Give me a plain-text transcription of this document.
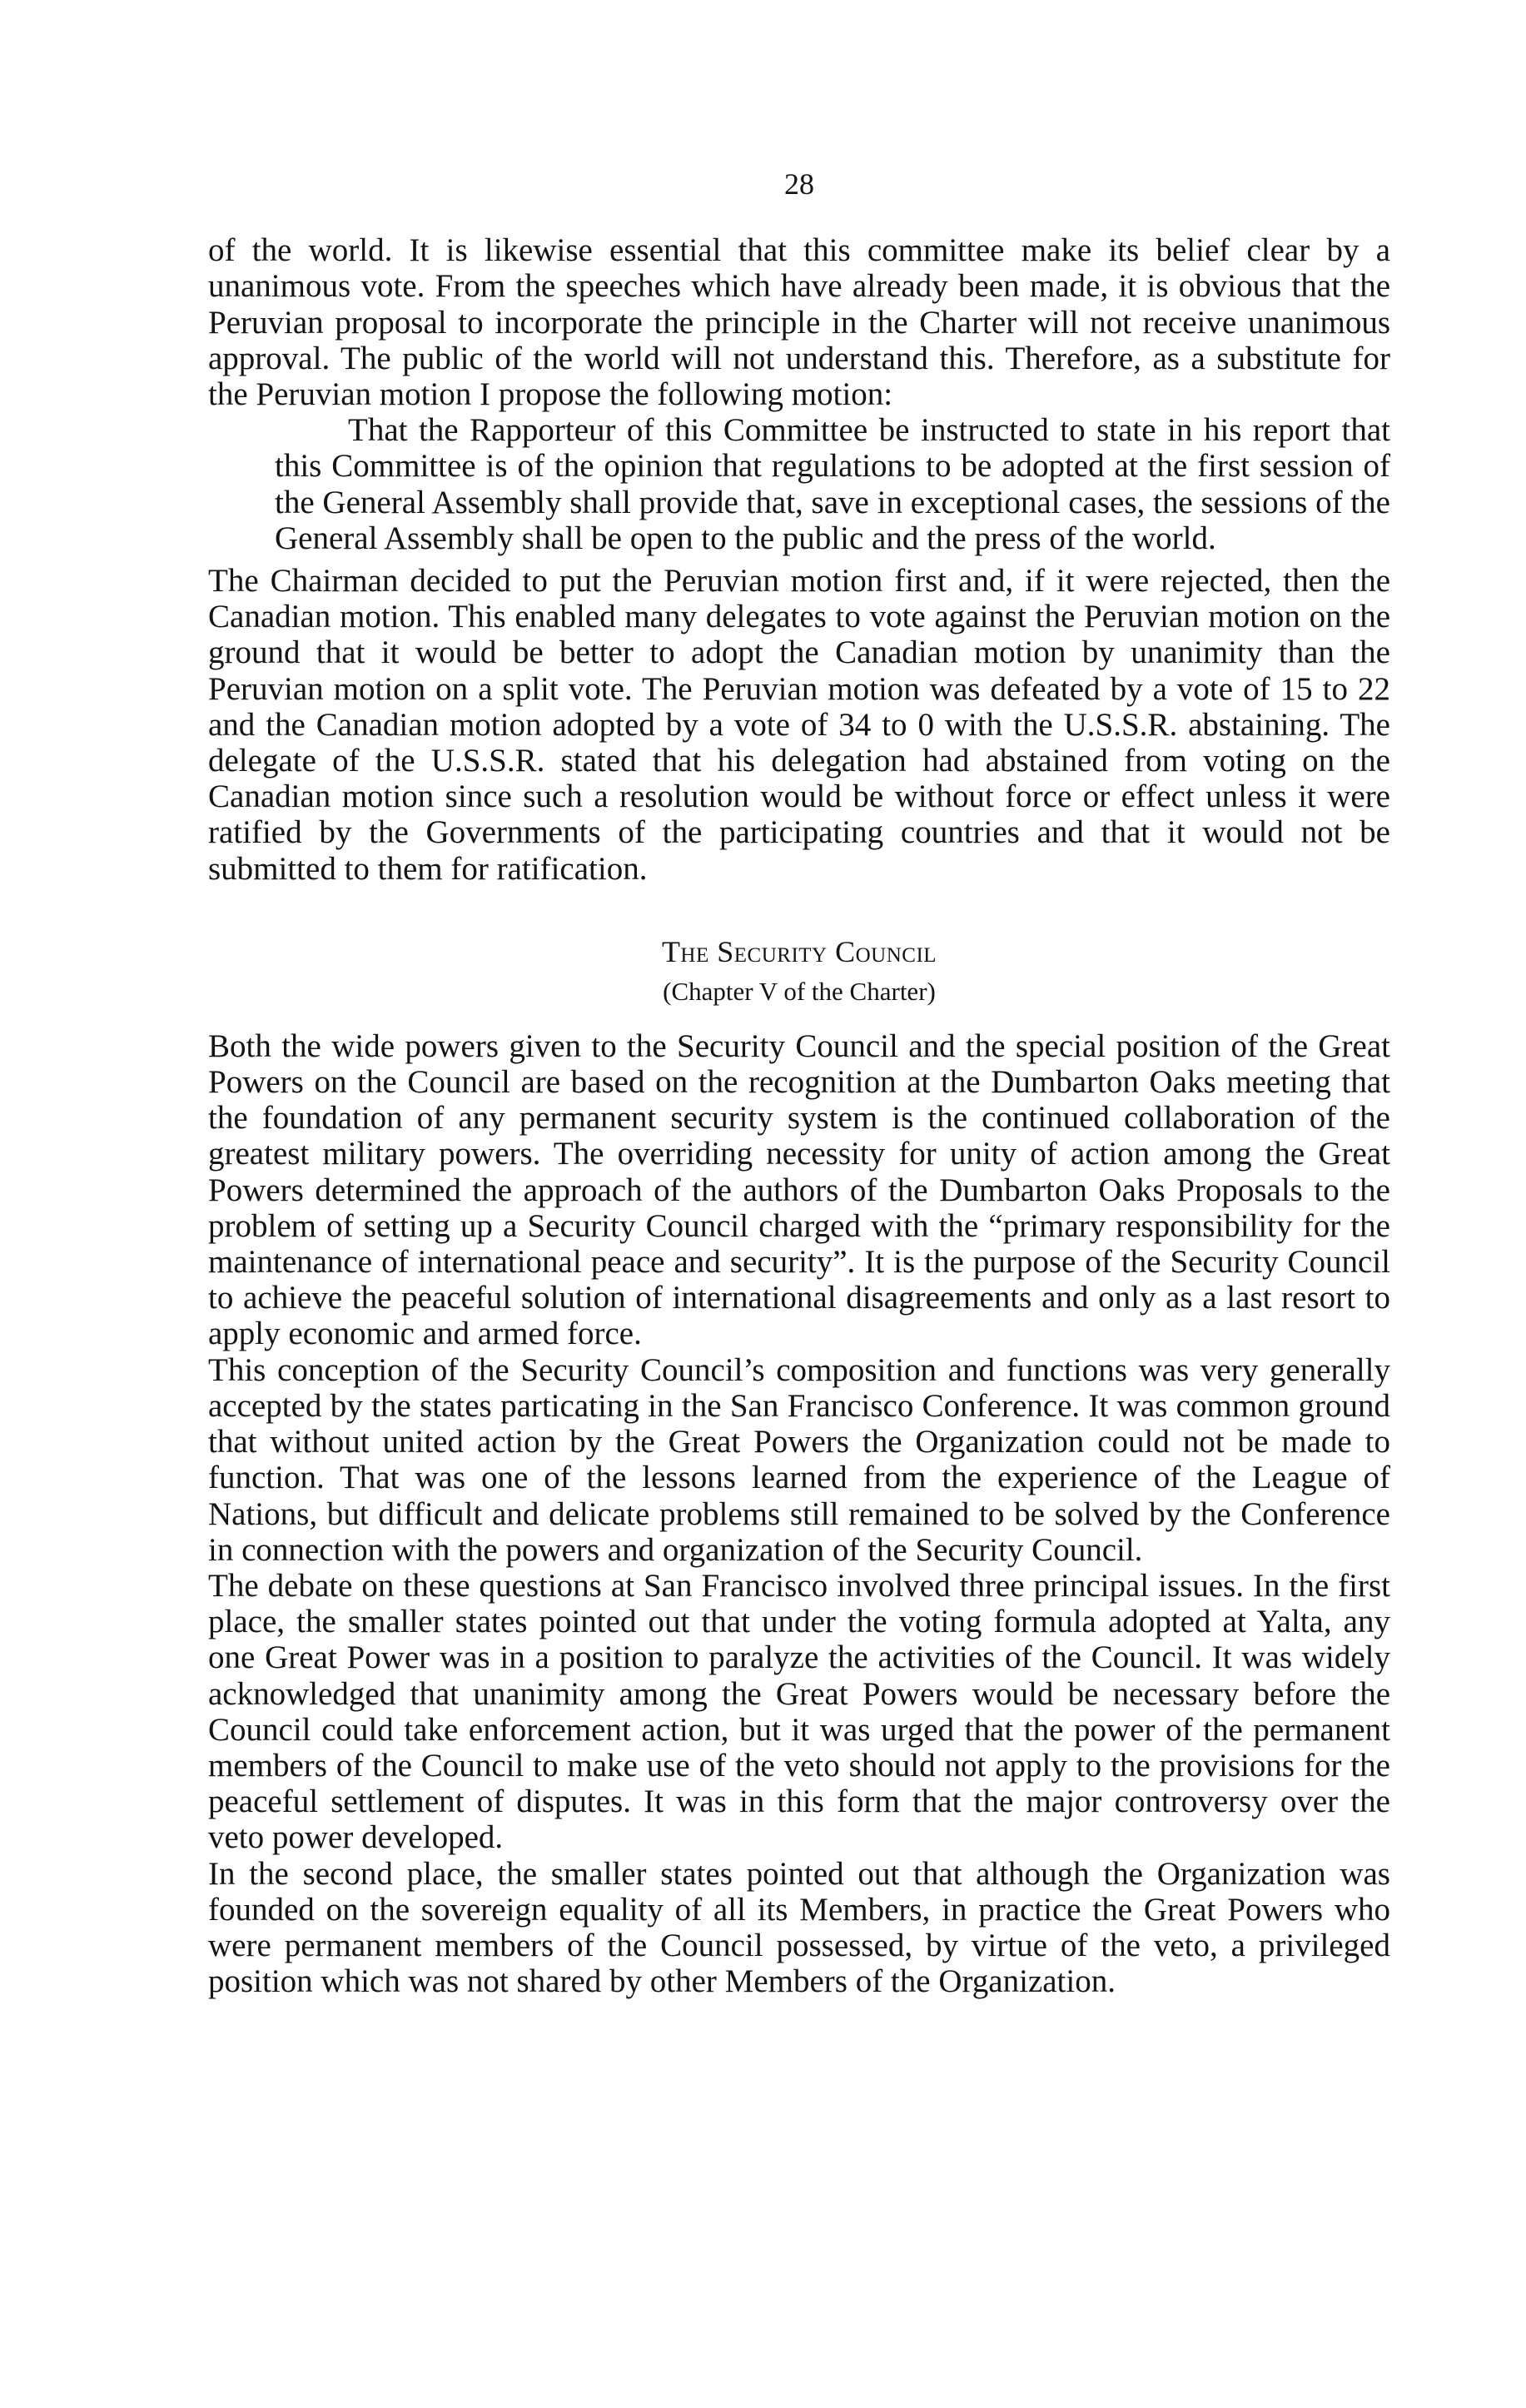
28

of the world. It is likewise essential that this committee make its belief clear by a unanimous vote. From the speeches which have already been made, it is obvious that the Peruvian proposal to incorporate the principle in the Charter will not receive unanimous approval. The public of the world will not understand this. Therefore, as a substitute for the Peruvian motion I propose the following motion:

That the Rapporteur of this Committee be instructed to state in his report that this Committee is of the opinion that regulations to be adopted at the first session of the General Assembly shall provide that, save in exceptional cases, the sessions of the General Assembly shall be open to the public and the press of the world.

The Chairman decided to put the Peruvian motion first and, if it were rejected, then the Canadian motion. This enabled many delegates to vote against the Peruvian motion on the ground that it would be better to adopt the Canadian motion by unanimity than the Peruvian motion on a split vote. The Peruvian motion was defeated by a vote of 15 to 22 and the Canadian motion adopted by a vote of 34 to 0 with the U.S.S.R. abstaining. The delegate of the U.S.S.R. stated that his delegation had abstained from voting on the Canadian motion since such a resolution would be without force or effect unless it were ratified by the Governments of the participating countries and that it would not be submitted to them for ratification.

The Security Council
(Chapter V of the Charter)

Both the wide powers given to the Security Council and the special position of the Great Powers on the Council are based on the recognition at the Dumbarton Oaks meeting that the foundation of any permanent security system is the continued collaboration of the greatest military powers. The overriding necessity for unity of action among the Great Powers determined the approach of the authors of the Dumbarton Oaks Proposals to the problem of setting up a Security Council charged with the “primary responsibility for the maintenance of international peace and security”. It is the purpose of the Security Council to achieve the peaceful solution of international disagreements and only as a last resort to apply economic and armed force.

This conception of the Security Council’s composition and functions was very generally accepted by the states particating in the San Francisco Conference. It was common ground that without united action by the Great Powers the Organization could not be made to function. That was one of the lessons learned from the experience of the League of Nations, but difficult and delicate problems still remained to be solved by the Conference in connection with the powers and organization of the Security Council.

The debate on these questions at San Francisco involved three principal issues. In the first place, the smaller states pointed out that under the voting formula adopted at Yalta, any one Great Power was in a position to paralyze the activities of the Council. It was widely acknowledged that unanimity among the Great Powers would be necessary before the Council could take enforcement action, but it was urged that the power of the permanent members of the Council to make use of the veto should not apply to the provisions for the peaceful settlement of disputes. It was in this form that the major controversy over the veto power developed.

In the second place, the smaller states pointed out that although the Organization was founded on the sovereign equality of all its Members, in practice the Great Powers who were permanent members of the Council possessed, by virtue of the veto, a privileged position which was not shared by other Members of the Organization.
